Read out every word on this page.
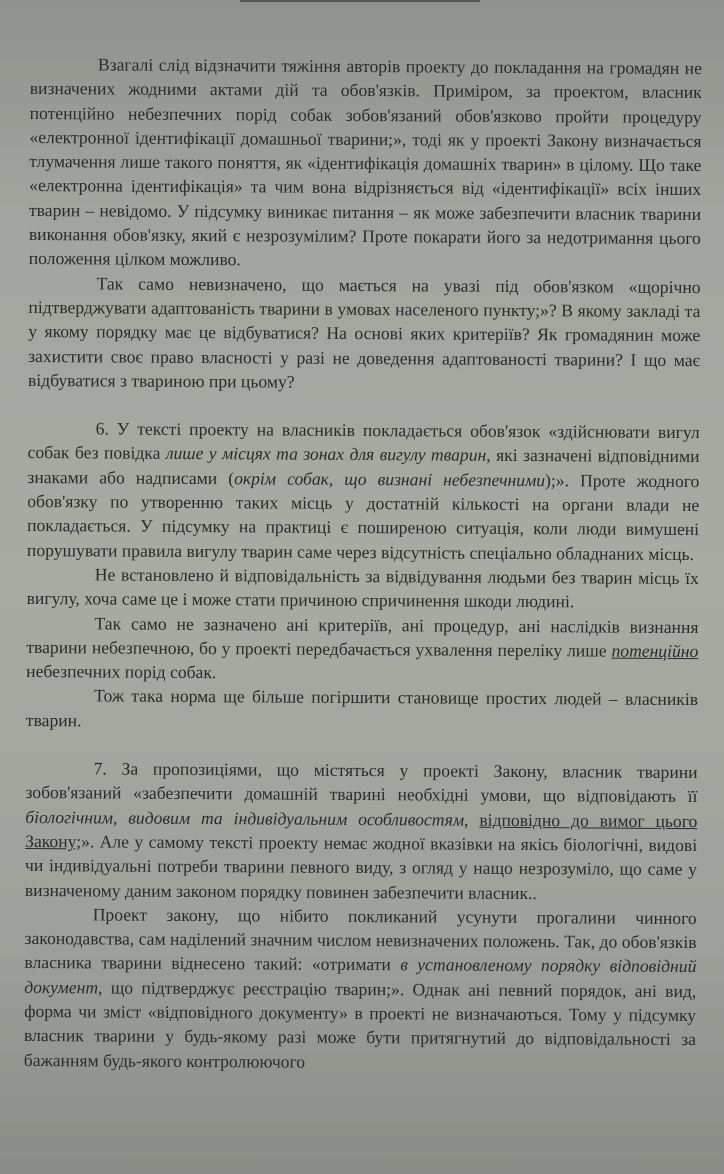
Взагалі слід відзначити тяжіння авторів проекту до покладання на громадян не визначених жодними актами дій та обов'язків. Приміром, за проектом, власник потенційно небезпечних порід собак зобов'язаний обов'язково пройти процедуру «електронної ідентифікації домашньої тварини;», тоді як у проекті Закону визначається тлумачення лише такого поняття, як «ідентифікація домашніх тварин» в цілому. Що таке «електронна ідентифікація» та чим вона відрізняється від «ідентифікації» всіх інших тварин – невідомо. У підсумку виникає питання – як може забезпечити власник тварини виконання обов'язку, який є незрозумілим? Проте покарати його за недотримання цього положення цілком можливо.

Так само невизначено, що мається на увазі під обов'язком «щорічно підтверджувати адаптованість тварини в умовах населеного пункту;»? В якому закладі та у якому порядку має це відбуватися? На основі яких критеріїв? Як громадянин може захистити своє право власності у разі не доведення адаптованості тварини? І що має відбуватися з твариною при цьому?

6. У тексті проекту на власників покладається обов'язок «здійснювати вигул собак без повідка лише у місцях та зонах для вигулу тварин, які зазначені відповідними знаками або надписами (окрім собак, що визнані небезпечними);». Проте жодного обов'язку по утворенню таких місць у достатній кількості на органи влади не покладається. У підсумку на практиці є поширеною ситуація, коли люди вимушені порушувати правила вигулу тварин саме через відсутність спеціально обладнаних місць.

Не встановлено й відповідальність за відвідування людьми без тварин місць їх вигулу, хоча саме це і може стати причиною спричинення шкоди людині.

Так само не зазначено ані критеріїв, ані процедур, ані наслідків визнання тварини небезпечною, бо у проекті передбачається ухвалення переліку лише потенційно небезпечних порід собак.

Тож така норма ще більше погіршити становище простих людей – власників тварин.

7. За пропозиціями, що містяться у проекті Закону, власник тварини зобов'язаний «забезпечити домашній тварині необхідні умови, що відповідають її біологічним, видовим та індивідуальним особливостям, відповідно до вимог цього Закону;». Але у самому тексті проекту немає жодної вказівки на якісь біологічні, видові чи індивідуальні потреби тварини певного виду, з огляд у нащо незрозуміло, що саме у визначеному даним законом порядку повинен забезпечити власник..

Проект закону, що нібито покликаний усунути прогалини чинного законодавства, сам наділений значним числом невизначених положень. Так, до обов'язків власника тварини віднесено такий: «отримати в установленому порядку відповідний документ, що підтверджує реєстрацію тварин;». Однак ані певний порядок, ані вид, форма чи зміст «відповідного документу» в проекті не визначаються. Тому у підсумку власник тварини у будь-якому разі може бути притягнутий до відповідальності за бажанням будь-якого контролюючого
